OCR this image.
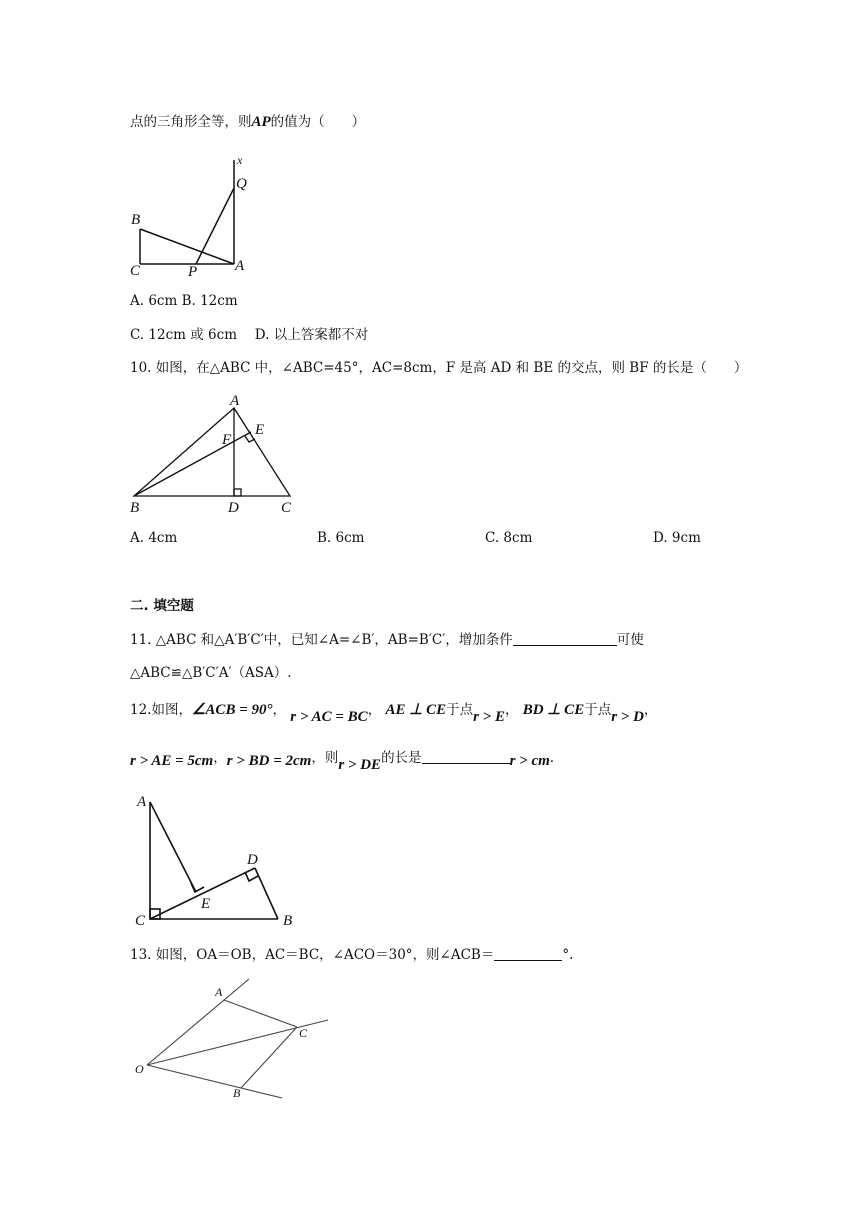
点的三角形全等，则AP的值为（　　）
x
Q
B
C	P	A
A
E
F
B	D	C
A
D
E
C	B
A
C
O
B
A. 6cm B. 12cm
C. 12cm 或 6cm　 D. 以上答案都不对
10. 如图，在△ABC 中，∠ABC=45°，AC=8cm，F 是高 AD 和 BE 的交点，则 BF 的长是（　　）
A. 4cm	B. 6cm	C. 8cm	D. 9cm
二. 填空题
11. △ABC 和△A′B′C′中，已知∠A=∠B′，AB=B′C′，增加条件	可使
△ABC≌△B′C′A′（ASA）.
12.如图，∠ACB = 90°， r > AC = BC， AE ⊥ CE于点r > E， BD ⊥ CE于点r > D，
r > AE = 5cm，r > BD = 2cm，则r > DE的长是	r > cm.
13. 如图，OA＝OB，AC＝BC，∠ACO＝30°，则∠ACB＝	°.
